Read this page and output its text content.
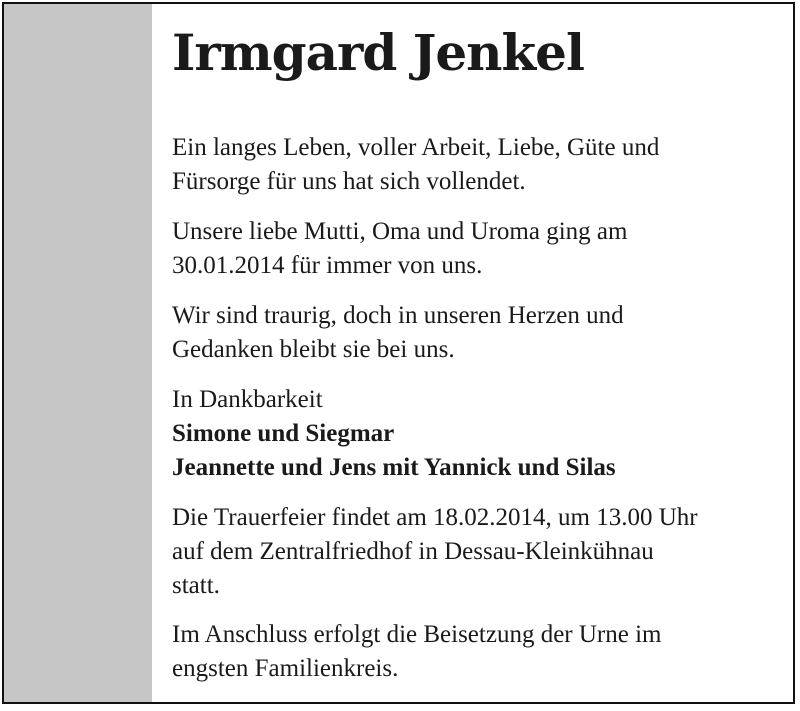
Irmgard Jenkel

Ein langes Leben, voller Arbeit, Liebe, Güte und
Fürsorge für uns hat sich vollendet.

Unsere liebe Mutti, Oma und Uroma ging am
30.01.2014 für immer von uns.

Wir sind traurig, doch in unseren Herzen und
Gedanken bleibt sie bei uns.

In Dankbarkeit
Simone und Siegmar
Jeannette und Jens mit Yannick und Silas

Die Trauerfeier findet am 18.02.2014, um 13.00 Uhr
auf dem Zentralfriedhof in Dessau-Kleinkühnau
statt.

Im Anschluss erfolgt die Beisetzung der Urne im
engsten Familienkreis.
